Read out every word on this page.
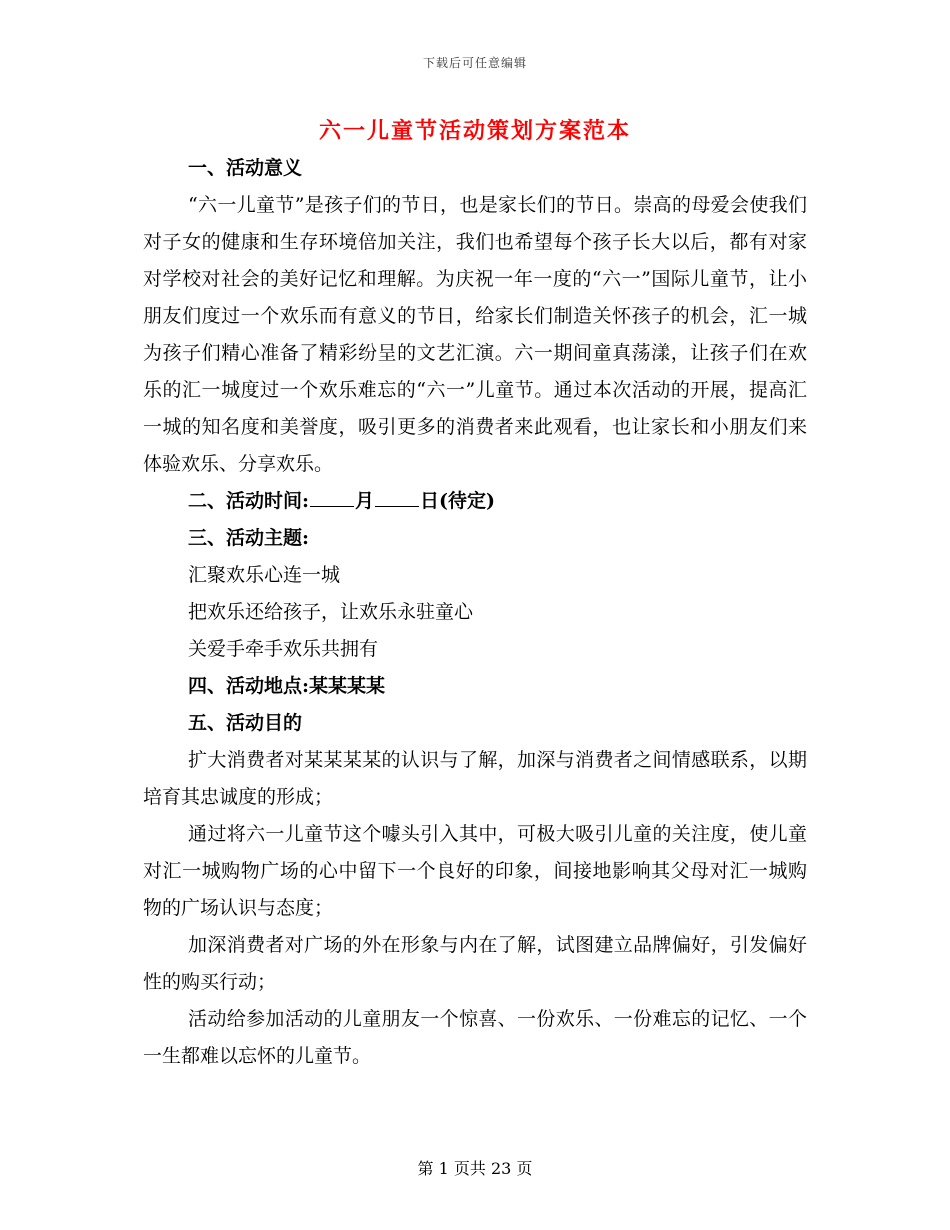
下载后可任意编辑
六一儿童节活动策划方案范本

一、活动意义

“六一儿童节”是孩子们的节日，也是家长们的节日。崇高的母爱会使我们对子女的健康和生存环境倍加关注，我们也希望每个孩子长大以后，都有对家对学校对社会的美好记忆和理解。为庆祝一年一度的“六一”国际儿童节，让小朋友们度过一个欢乐而有意义的节日，给家长们制造关怀孩子的机会，汇一城为孩子们精心准备了精彩纷呈的文艺汇演。六一期间童真荡漾，让孩子们在欢乐的汇一城度过一个欢乐难忘的“六一”儿童节。通过本次活动的开展，提高汇一城的知名度和美誉度，吸引更多的消费者来此观看，也让家长和小朋友们来体验欢乐、分享欢乐。

二、活动时间: 月 日(待定)

三、活动主题:

汇聚欢乐心连一城

把欢乐还给孩子，让欢乐永驻童心

关爱手牵手欢乐共拥有

四、活动地点:某某某某

五、活动目的

扩大消费者对某某某某的认识与了解，加深与消费者之间情感联系，以期培育其忠诚度的形成；

通过将六一儿童节这个噱头引入其中，可极大吸引儿童的关注度，使儿童对汇一城购物广场的心中留下一个良好的印象，间接地影响其父母对汇一城购物的广场认识与态度；

加深消费者对广场的外在形象与内在了解，试图建立品牌偏好，引发偏好性的购买行动；

活动给参加活动的儿童朋友一个惊喜、一份欢乐、一份难忘的记忆、一个一生都难以忘怀的儿童节。

第 1 页共 23 页
